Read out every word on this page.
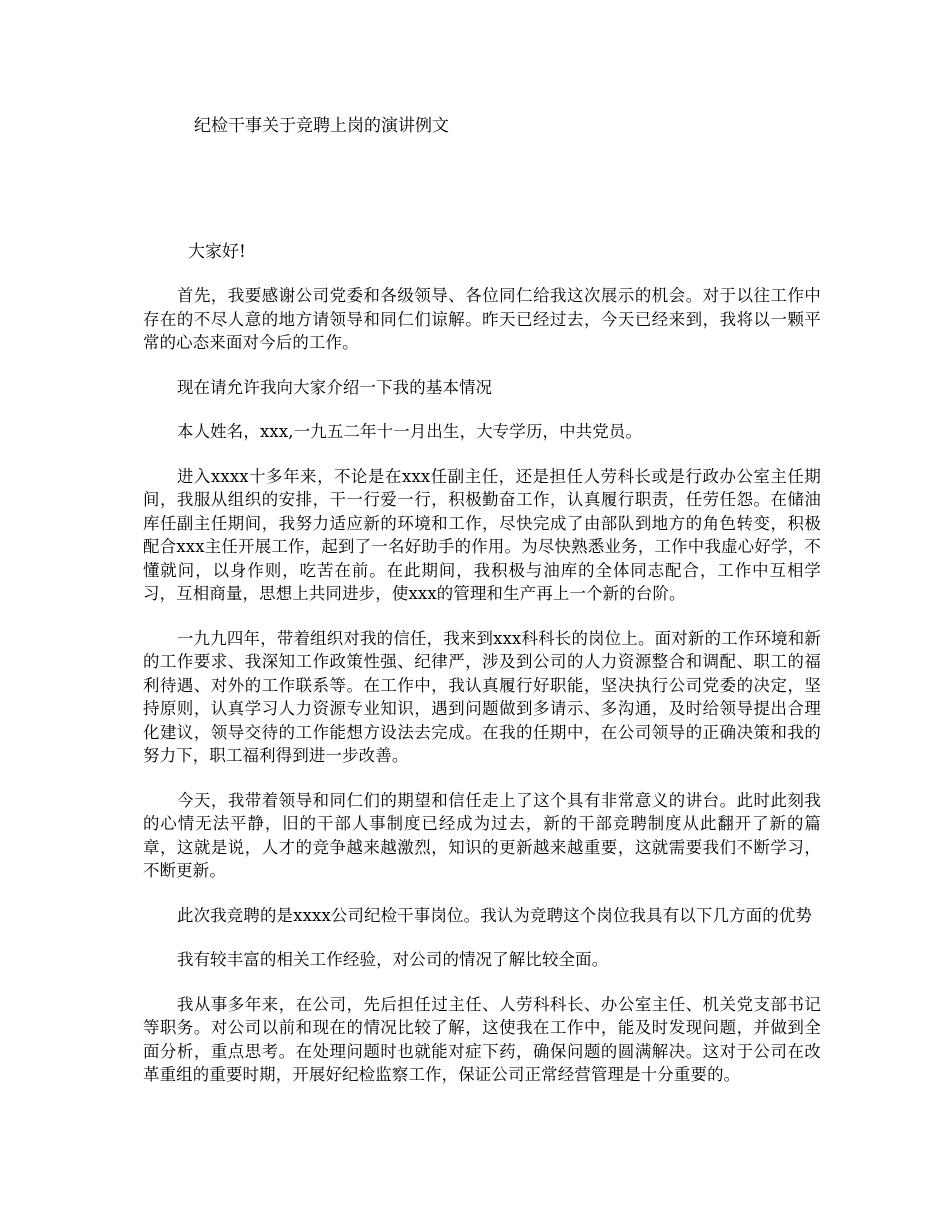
纪检干事关于竞聘上岗的演讲例文
大家好!

首先，我要感谢公司党委和各级领导、各位同仁给我这次展示的机会。对于以往工作中存在的不尽人意的地方请领导和同仁们谅解。昨天已经过去，今天已经来到，我将以一颗平常的心态来面对今后的工作。

现在请允许我向大家介绍一下我的基本情况

本人姓名，xxx,一九五二年十一月出生，大专学历，中共党员。

进入xxxx十多年来，不论是在xxx任副主任，还是担任人劳科长或是行政办公室主任期间，我服从组织的安排，干一行爱一行，积极勤奋工作，认真履行职责，任劳任怨。在储油库任副主任期间，我努力适应新的环境和工作，尽快完成了由部队到地方的角色转变，积极配合xxx主任开展工作，起到了一名好助手的作用。为尽快熟悉业务，工作中我虚心好学，不懂就问，以身作则，吃苦在前。在此期间，我积极与油库的全体同志配合，工作中互相学习，互相商量，思想上共同进步，使xxx的管理和生产再上一个新的台阶。

一九九四年，带着组织对我的信任，我来到xxx科科长的岗位上。面对新的工作环境和新的工作要求、我深知工作政策性强、纪律严，涉及到公司的人力资源整合和调配、职工的福利待遇、对外的工作联系等。在工作中，我认真履行好职能，坚决执行公司党委的决定，坚持原则，认真学习人力资源专业知识，遇到问题做到多请示、多沟通，及时给领导提出合理化建议，领导交待的工作能想方设法去完成。在我的任期中，在公司领导的正确决策和我的努力下，职工福利得到进一步改善。

今天，我带着领导和同仁们的期望和信任走上了这个具有非常意义的讲台。此时此刻我的心情无法平静，旧的干部人事制度已经成为过去，新的干部竞聘制度从此翻开了新的篇章，这就是说，人才的竞争越来越激烈，知识的更新越来越重要，这就需要我们不断学习，不断更新。

此次我竞聘的是xxxx公司纪检干事岗位。我认为竞聘这个岗位我具有以下几方面的优势

我有较丰富的相关工作经验，对公司的情况了解比较全面。

我从事多年来，在公司，先后担任过主任、人劳科科长、办公室主任、机关党支部书记等职务。对公司以前和现在的情况比较了解，这使我在工作中，能及时发现问题，并做到全面分析，重点思考。在处理问题时也就能对症下药，确保问题的圆满解决。这对于公司在改革重组的重要时期，开展好纪检监察工作，保证公司正常经营管理是十分重要的。
